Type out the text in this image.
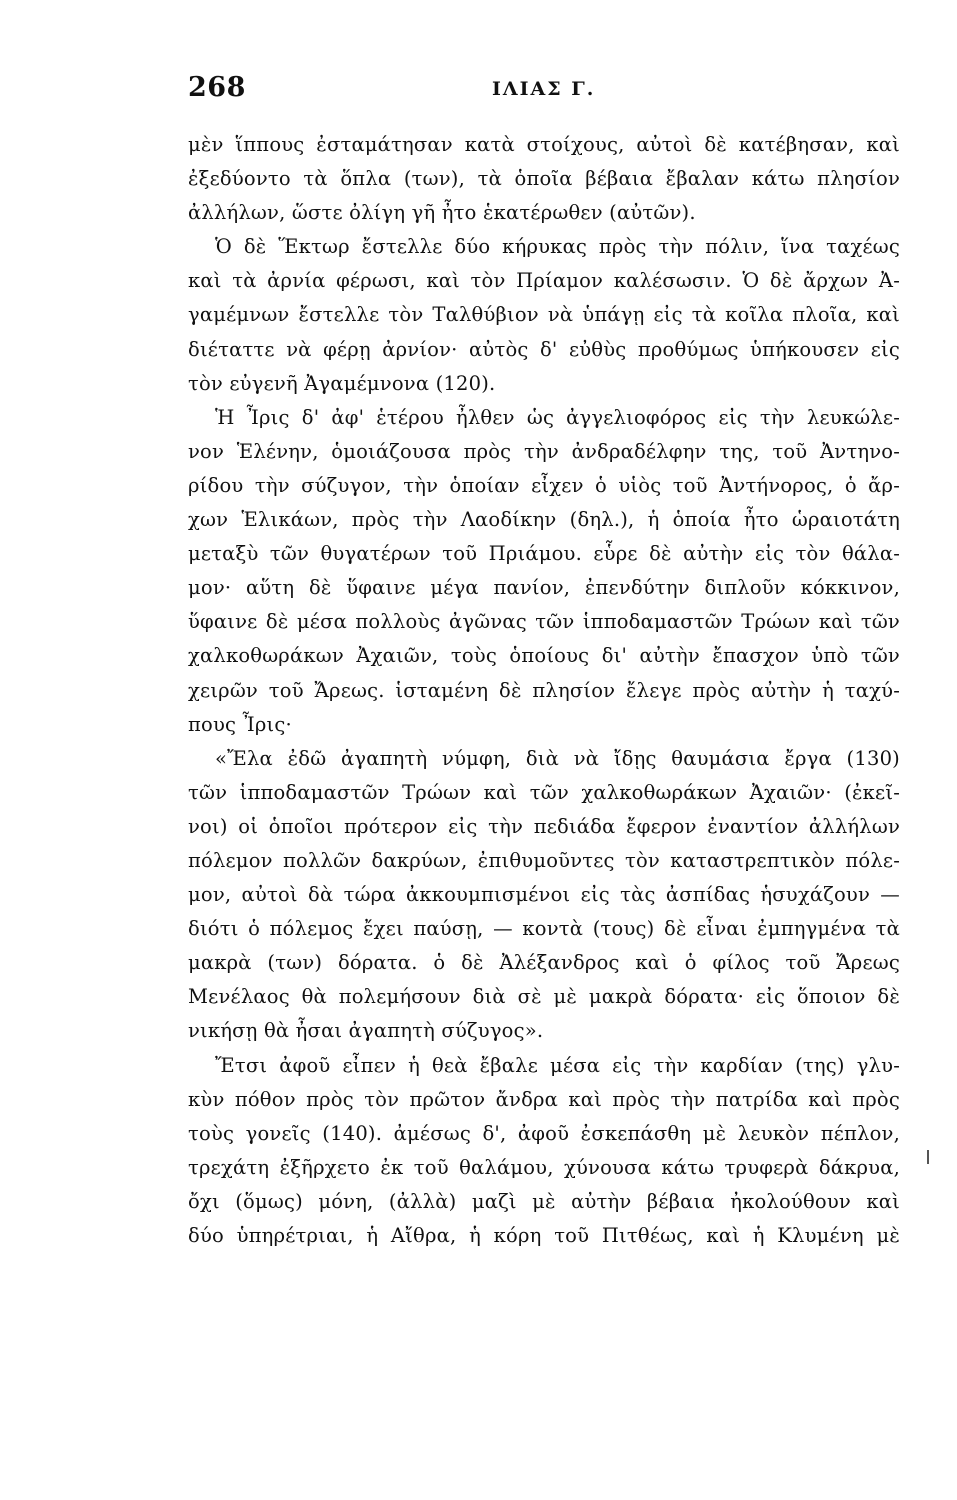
268	ΙΛΙΑΣ Γ.
μὲν ἵππους ἐσταμάτησαν κατὰ στοίχους, αὐτοὶ δὲ κατέβησαν, καὶ
ἐξεδύοντο τὰ ὅπλα (των), τὰ ὁποῖα βέβαια ἔβαλαν κάτω πλησίον
ἀλλήλων, ὥστε ὀλίγη γῆ ἦτο ἑκατέρωθεν (αὐτῶν).
Ὁ δὲ Ἕκτωρ ἔστελλε δύο κήρυκας πρὸς τὴν πόλιν, ἵνα ταχέως
καὶ τὰ ἀρνία φέρωσι, καὶ τὸν Πρίαμον καλέσωσιν. Ὁ δὲ ἄρχων Ἀ-
γαμέμνων ἔστελλε τὸν Ταλθύβιον νὰ ὑπάγῃ εἰς τὰ κοῖλα πλοῖα, καὶ
διέταττε νὰ φέρῃ ἀρνίον· αὐτὸς δ' εὐθὺς προθύμως ὑπήκουσεν εἰς
τὸν εὐγενῆ Ἀγαμέμνονα (120).
Ἡ Ἶρις δ' ἀφ' ἑτέρου ἦλθεν ὡς ἀγγελιοφόρος εἰς τὴν λευκώλε-
νον Ἑλένην, ὁμοιάζουσα πρὸς τὴν ἀνδραδέλφην της, τοῦ Ἀντηνο-
ρίδου τὴν σύζυγον, τὴν ὁποίαν εἶχεν ὁ υἱὸς τοῦ Ἀντήνορος, ὁ ἄρ-
χων Ἑλικάων, πρὸς τὴν Λαοδίκην (δηλ.), ἡ ὁποία ἦτο ὡραιοτάτη
μεταξὺ τῶν θυγατέρων τοῦ Πριάμου. εὗρε δὲ αὐτὴν εἰς τὸν θάλα-
μον· αὕτη δὲ ὕφαινε μέγα πανίον, ἐπενδύτην διπλοῦν κόκκινον,
ὕφαινε δὲ μέσα πολλοὺς ἀγῶνας τῶν ἱπποδαμαστῶν Τρώων καὶ τῶν
χαλκοθωράκων Ἀχαιῶν, τοὺς ὁποίους δι' αὐτὴν ἔπασχον ὑπὸ τῶν
χειρῶν τοῦ Ἄρεως. ἱσταμένη δὲ πλησίον ἔλεγε πρὸς αὐτὴν ἡ ταχύ-
πους Ἶρις·
«Ἔλα ἐδῶ ἀγαπητὴ νύμφη, διὰ νὰ ἴδῃς θαυμάσια ἔργα (130)
τῶν ἱπποδαμαστῶν Τρώων καὶ τῶν χαλκοθωράκων Ἀχαιῶν· (ἐκεῖ-
νοι) οἱ ὁποῖοι πρότερον εἰς τὴν πεδιάδα ἔφερον ἐναντίον ἀλλήλων
πόλεμον πολλῶν δακρύων, ἐπιθυμοῦντες τὸν καταστρεπτικὸν πόλε-
μον, αὐτοὶ δὰ τώρα ἀκκουμπισμένοι εἰς τὰς ἀσπίδας ἡσυχάζουν —
διότι ὁ πόλεμος ἔχει παύσῃ, — κοντὰ (τους) δὲ εἶναι ἐμπηγμένα τὰ
μακρὰ (των) δόρατα. ὁ δὲ Ἀλέξανδρος καὶ ὁ φίλος τοῦ Ἄρεως
Μενέλαος θὰ πολεμήσουν διὰ σὲ μὲ μακρὰ δόρατα· εἰς ὅποιον δὲ
νικήσῃ θὰ ἦσαι ἀγαπητὴ σύζυγος».
Ἔτσι ἀφοῦ εἶπεν ἡ θεὰ ἔβαλε μέσα εἰς τὴν καρδίαν (της) γλυ-
κὺν πόθον πρὸς τὸν πρῶτον ἄνδρα καὶ πρὸς τὴν πατρίδα καὶ πρὸς
τοὺς γονεῖς (140). ἀμέσως δ', ἀφοῦ ἐσκεπάσθη μὲ λευκὸν πέπλον,
τρεχάτη ἐξῆρχετο ἐκ τοῦ θαλάμου, χύνουσα κάτω τρυφερὰ δάκρυα,
ὄχι (ὅμως) μόνη, (ἀλλὰ) μαζὶ μὲ αὐτὴν βέβαια ἠκολούθουν καὶ
δύο ὑπηρέτριαι, ἡ Αἴθρα, ἡ κόρη τοῦ Πιτθέως, καὶ ἡ Κλυμένη μὲ
